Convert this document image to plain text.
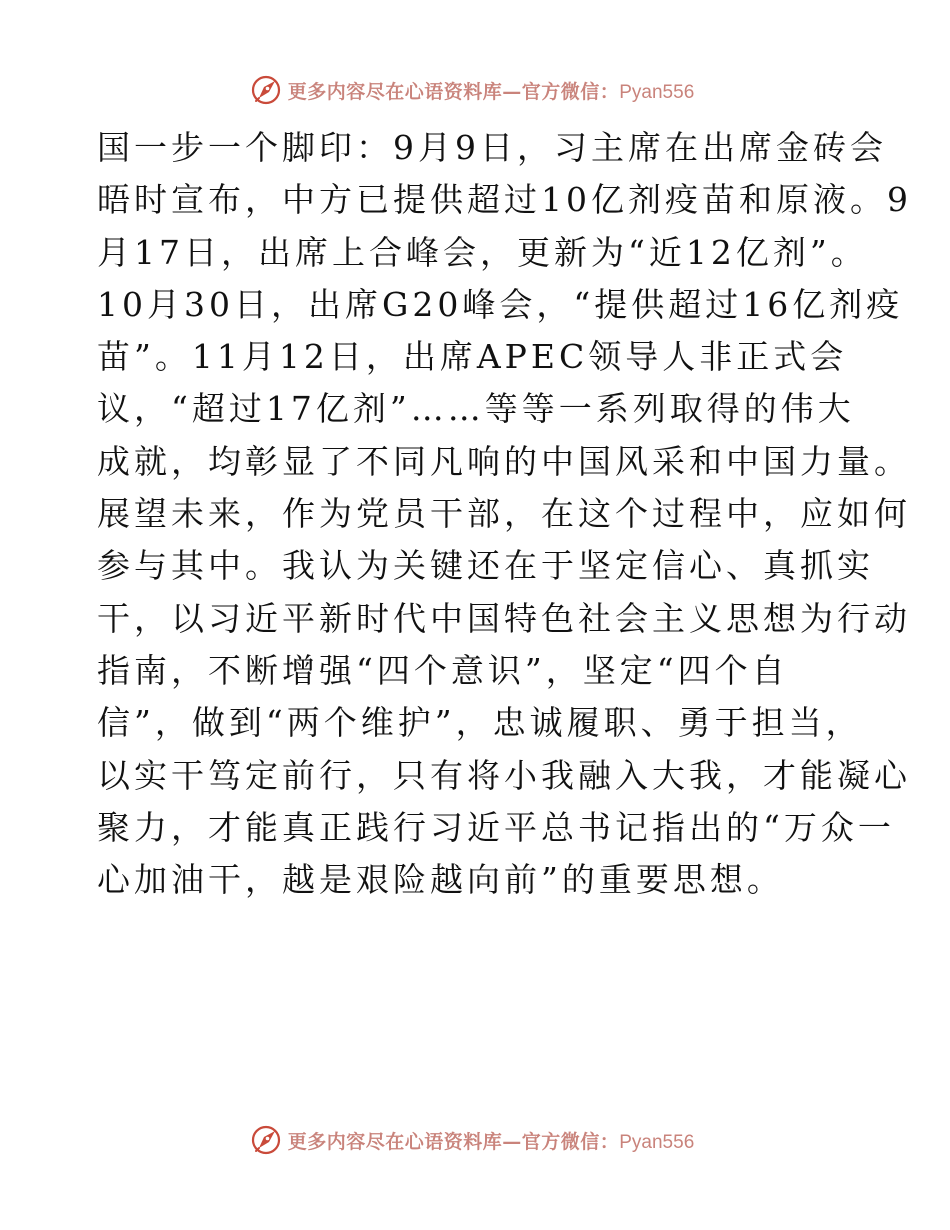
更多内容尽在心语资料库—官方微信：Pyan556
国一步一个脚印：9月9日，习主席在出席金砖会
晤时宣布，中方已提供超过10亿剂疫苗和原液。9
月17日，出席上合峰会，更新为“近12亿剂”。
10月30日，出席G20峰会，“提供超过16亿剂疫
苗”。11月12日，出席APEC领导人非正式会
议，“超过17亿剂”……等等一系列取得的伟大
成就，均彰显了不同凡响的中国风采和中国力量。
展望未来，作为党员干部，在这个过程中，应如何
参与其中。我认为关键还在于坚定信心、真抓实
干，以习近平新时代中国特色社会主义思想为行动
指南，不断增强“四个意识”，坚定“四个自
信”，做到“两个维护”，忠诚履职、勇于担当，
以实干笃定前行，只有将小我融入大我，才能凝心
聚力，才能真正践行习近平总书记指出的“万众一
心加油干，越是艰险越向前”的重要思想。
更多内容尽在心语资料库—官方微信：Pyan556
